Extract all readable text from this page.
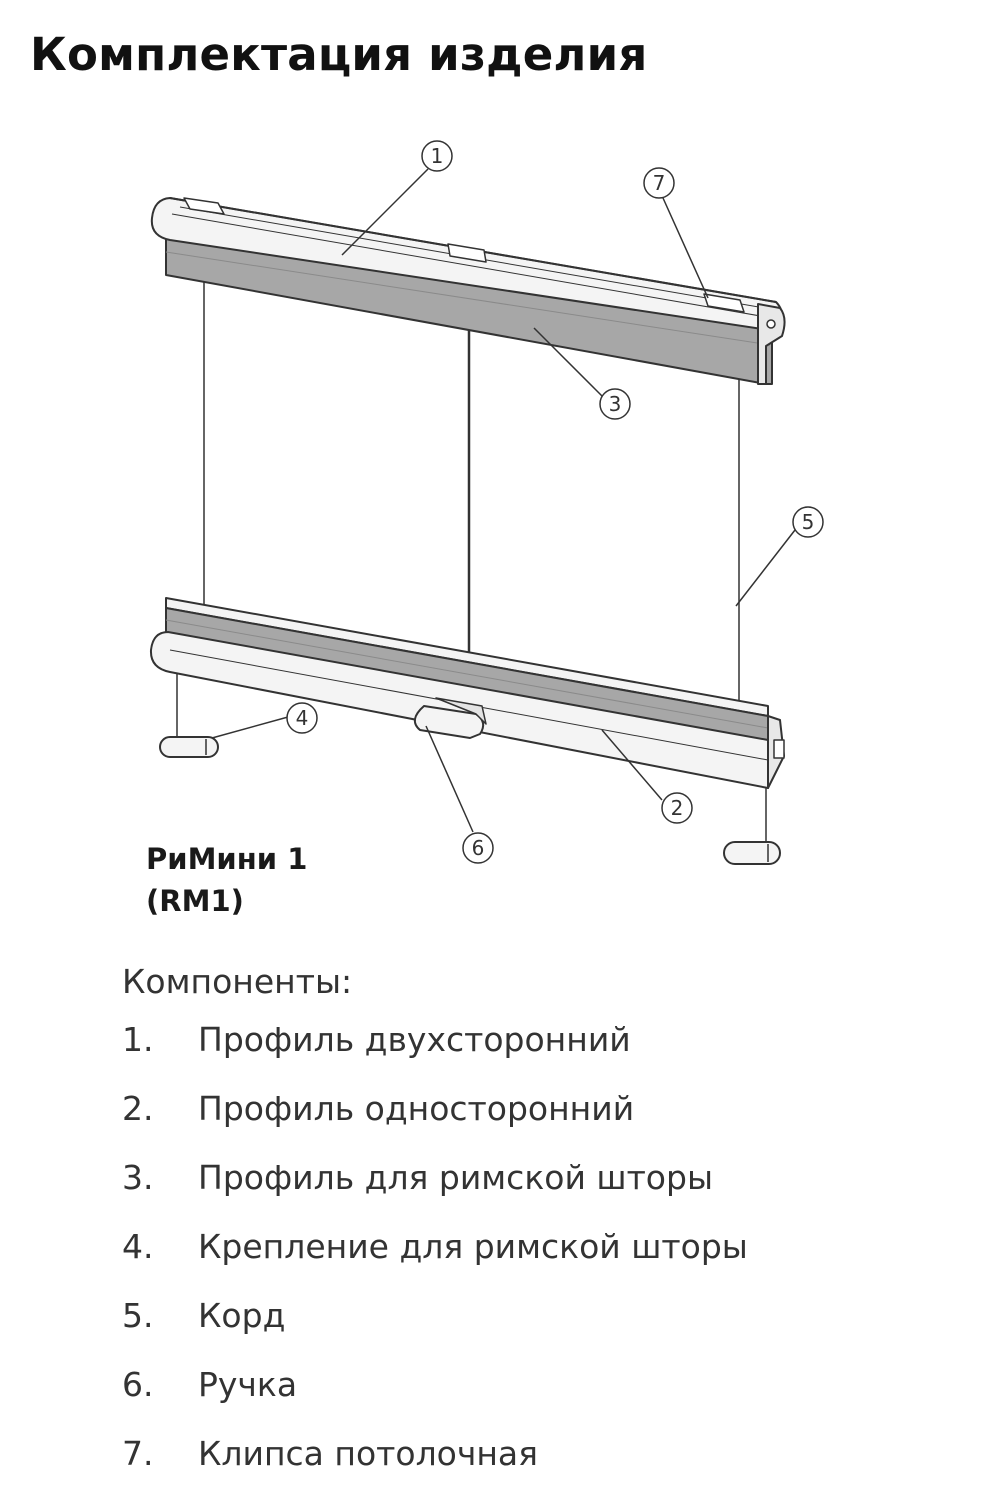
Комплектация изделия
1
7
3
5
4
2
6
РиМини 1
(RM1)
Компоненты:
1. Профиль двухсторонний
2. Профиль односторонний
3. Профиль для римской шторы
4. Крепление для римской шторы
5. Корд
6. Ручка
7. Клипса потолочная
